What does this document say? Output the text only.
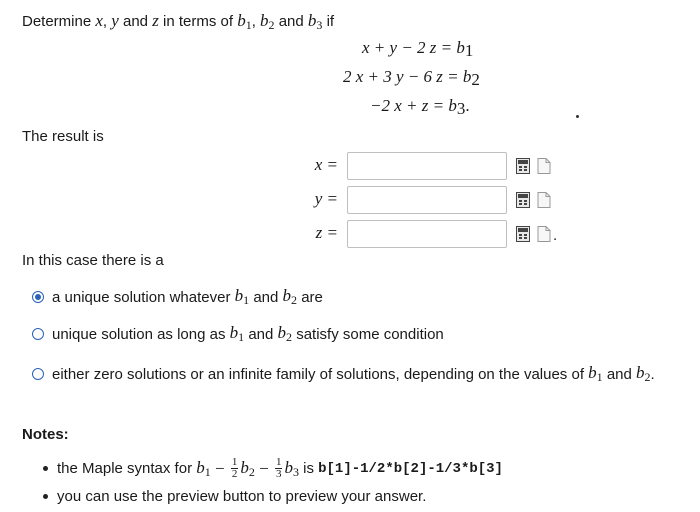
Determine x, y and z in terms of $b_1$, $b_2$ and $b_3$ if
x + y − 2 $z = b_1$
2 x + 3 y − 6 $z = b_2$
−2 $x + z = b_3$.
The result is
x =
y =
z =	.
In this case there is a
a unique solution whatever
$b_1$
and
$b_2$
are
unique solution as long as
$b_1$
and
$b_2$
satisfy some condition
either zero solutions or an infinite family of solutions, depending on the values of
$b_1$
and
$b_2$ .
Notes:
the Maple syntax for
$b_1 - \frac{1}{2} b_2 - \frac{1}{3} b_3$
is
b[1]-1/2*b[2]-1/3*b[3]
you can use the preview button to preview your answer.
